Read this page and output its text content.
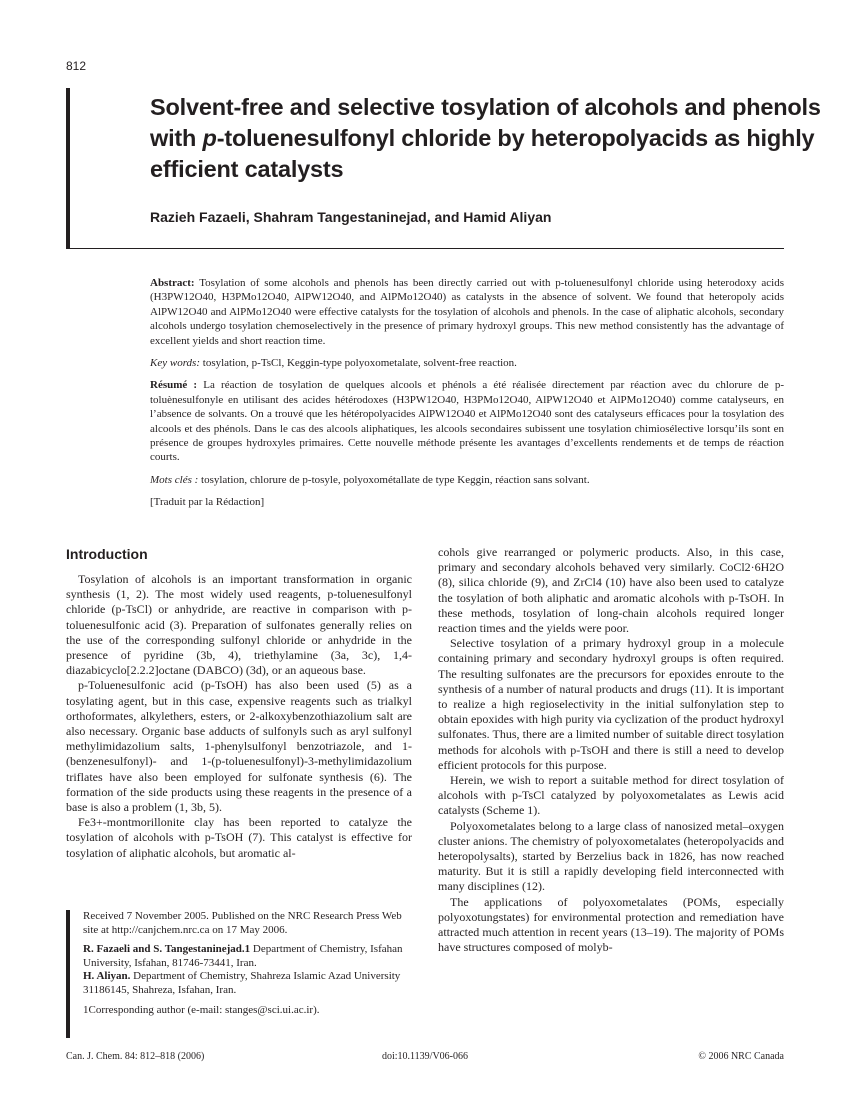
812
Solvent-free and selective tosylation of alcohols and phenols with p-toluenesulfonyl chloride by heteropolyacids as highly efficient catalysts

Razieh Fazaeli, Shahram Tangestaninejad, and Hamid Aliyan

Abstract: Tosylation of some alcohols and phenols has been directly carried out with p-toluenesulfonyl chloride using heterodoxy acids (H3PW12O40, H3PMo12O40, AlPW12O40, and AlPMo12O40) as catalysts in the absence of solvent. We found that heteropoly acids AlPW12O40 and AlPMo12O40 were effective catalysts for the tosylation of alcohols and phenols. In the case of aliphatic alcohols, secondary alcohols undergo tosylation chemoselectively in the presence of primary hydroxyl groups. This new method consistently has the advantage of excellent yields and short reaction time.

Key words: tosylation, p-TsCl, Keggin-type polyoxometalate, solvent-free reaction.

Résumé : La réaction de tosylation de quelques alcools et phénols a été réalisée directement par réaction avec du chlorure de p-toluènesulfonyle en utilisant des acides hétérodoxes (H3PW12O40, H3PMo12O40, AlPW12O40 et AlPMo12O40) comme catalyseurs, en l’absence de solvants. On a trouvé que les hétéropolyacides AlPW12O40 et AlPMo12O40 sont des catalyseurs efficaces pour la tosylation des alcools et des phénols. Dans le cas des alcools aliphatiques, les alcools secondaires subissent une tosylation chimiosélective lorsqu’ils sont en présence de groupes hydroxyles primaires. Cette nouvelle méthode présente les avantages d’excellents rendements et de temps de réaction courts.

Mots clés : tosylation, chlorure de p-tosyle, polyoxométallate de type Keggin, réaction sans solvant.

[Traduit par la Rédaction]

Introduction

Tosylation of alcohols is an important transformation in organic synthesis (1, 2). The most widely used reagents, p-toluenesulfonyl chloride (p-TsCl) or anhydride, are reactive in comparison with p-toluenesulfonic acid (3). Preparation of sulfonates generally relies on the use of the corresponding sulfonyl chloride or anhydride in the presence of pyridine (3b, 4), triethylamine (3a, 3c), 1,4-diazabicyclo[2.2.2]octane (DABCO) (3d), or an aqueous base.

p-Toluenesulfonic acid (p-TsOH) has also been used (5) as a tosylating agent, but in this case, expensive reagents such as trialkyl orthoformates, alkylethers, esters, or 2-alkoxybenzothiazolium salt are also necessary. Organic base adducts of sulfonyls such as aryl sulfonyl methylimidazolium salts, 1-phenylsulfonyl benzotriazole, and 1-(benzenesulfonyl)- and 1-(p-toluenesulfonyl)-3-methylimidazolium triflates have also been employed for sulfonate synthesis (6). The formation of the side products using these reagents in the presence of a base is also a problem (1, 3b, 5).

Fe3+-montmorillonite clay has been reported to catalyze the tosylation of alcohols with p-TsOH (7). This catalyst is effective for tosylation of aliphatic alcohols, but aromatic al-

cohols give rearranged or polymeric products. Also, in this case, primary and secondary alcohols behaved very similarly. CoCl2·6H2O (8), silica chloride (9), and ZrCl4 (10) have also been used to catalyze the tosylation of both aliphatic and aromatic alcohols with p-TsOH. In these methods, tosylation of long-chain alcohols required longer reaction times and the yields were poor.

Selective tosylation of a primary hydroxyl group in a molecule containing primary and secondary hydroxyl groups is often required. The resulting sulfonates are the precursors for epoxides enroute to the synthesis of a number of natural products and drugs (11). It is important to realize a high regioselectivity in the initial sulfonylation step to obtain epoxides with high purity via cyclization of the product hydroxyl sulfonates. Thus, there are a limited number of suitable direct tosylation methods for alcohols with p-TsOH and there is still a need to develop efficient protocols for this purpose.

Herein, we wish to report a suitable method for direct tosylation of alcohols with p-TsCl catalyzed by polyoxometalates as Lewis acid catalysts (Scheme 1).

Polyoxometalates belong to a large class of nanosized metal–oxygen cluster anions. The chemistry of polyoxometalates (heteropolyacids and heteropolysalts), started by Berzelius back in 1826, has now reached maturity. But it is still a rapidly developing field interconnected with many disciplines (12).

The applications of polyoxometalates (POMs, especially polyoxotungstates) for environmental protection and remediation have attracted much attention in recent years (13–19). The majority of POMs have structures composed of molyb-

Received 7 November 2005. Published on the NRC Research Press Web site at http://canjchem.nrc.ca on 17 May 2006.

R. Fazaeli and S. Tangestaninejad.1 Department of Chemistry, Isfahan University, Isfahan, 81746-73441, Iran.
H. Aliyan. Department of Chemistry, Shahreza Islamic Azad University 31186145, Shahreza, Isfahan, Iran.

1Corresponding author (e-mail: stanges@sci.ui.ac.ir).

Can. J. Chem. 84: 812–818 (2006)	doi:10.1139/V06-066	© 2006 NRC Canada
